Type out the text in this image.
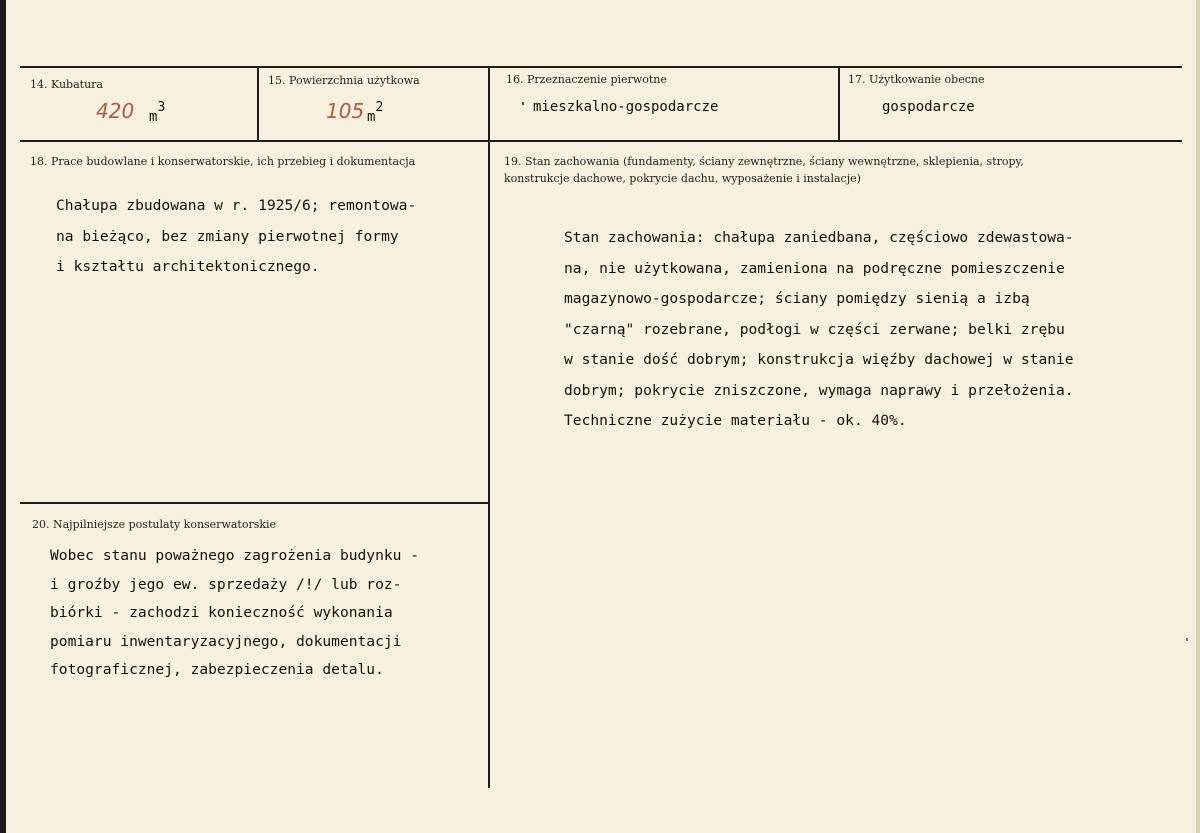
14. Kubatura
420 $m^3$
15. Powierzchnia użytkowa
105 $m^2$
16. Przeznaczenie pierwotne
mieszkalno-gospodarcze
17. Użytkowanie obecne
gospodarcze
18. Prace budowlane i konserwatorskie, ich przebieg i dokumentacja
Chałupa zbudowana w r. 1925/6; remontowa-
na bieżąco, bez zmiany pierwotnej formy
i kształtu architektonicznego.
19. Stan zachowania (fundamenty, ściany zewnętrzne, ściany wewnętrzne, sklepienia, stropy,
konstrukcje dachowe, pokrycie dachu, wyposażenie i instalacje)
Stan zachowania: chałupa zaniedbana, częściowo zdewastowa-
na, nie użytkowana, zamieniona na podręczne pomieszczenie
magazynowo-gospodarcze; ściany pomiędzy sienią a izbą
"czarną" rozebrane, podłogi w części zerwane; belki zrębu
w stanie dość dobrym; konstrukcja więźby dachowej w stanie
dobrym; pokrycie zniszczone, wymaga naprawy i przełożenia.
Techniczne zużycie materiału - ok. 40%.
20. Najpilniejsze postulaty konserwatorskie
Wobec stanu poważnego zagrożenia budynku -
i groźby jego ew. sprzedaży /!/ lub roz-
biórki - zachodzi konieczność wykonania
pomiaru inwentaryzacyjnego, dokumentacji
fotograficznej, zabezpieczenia detalu.
